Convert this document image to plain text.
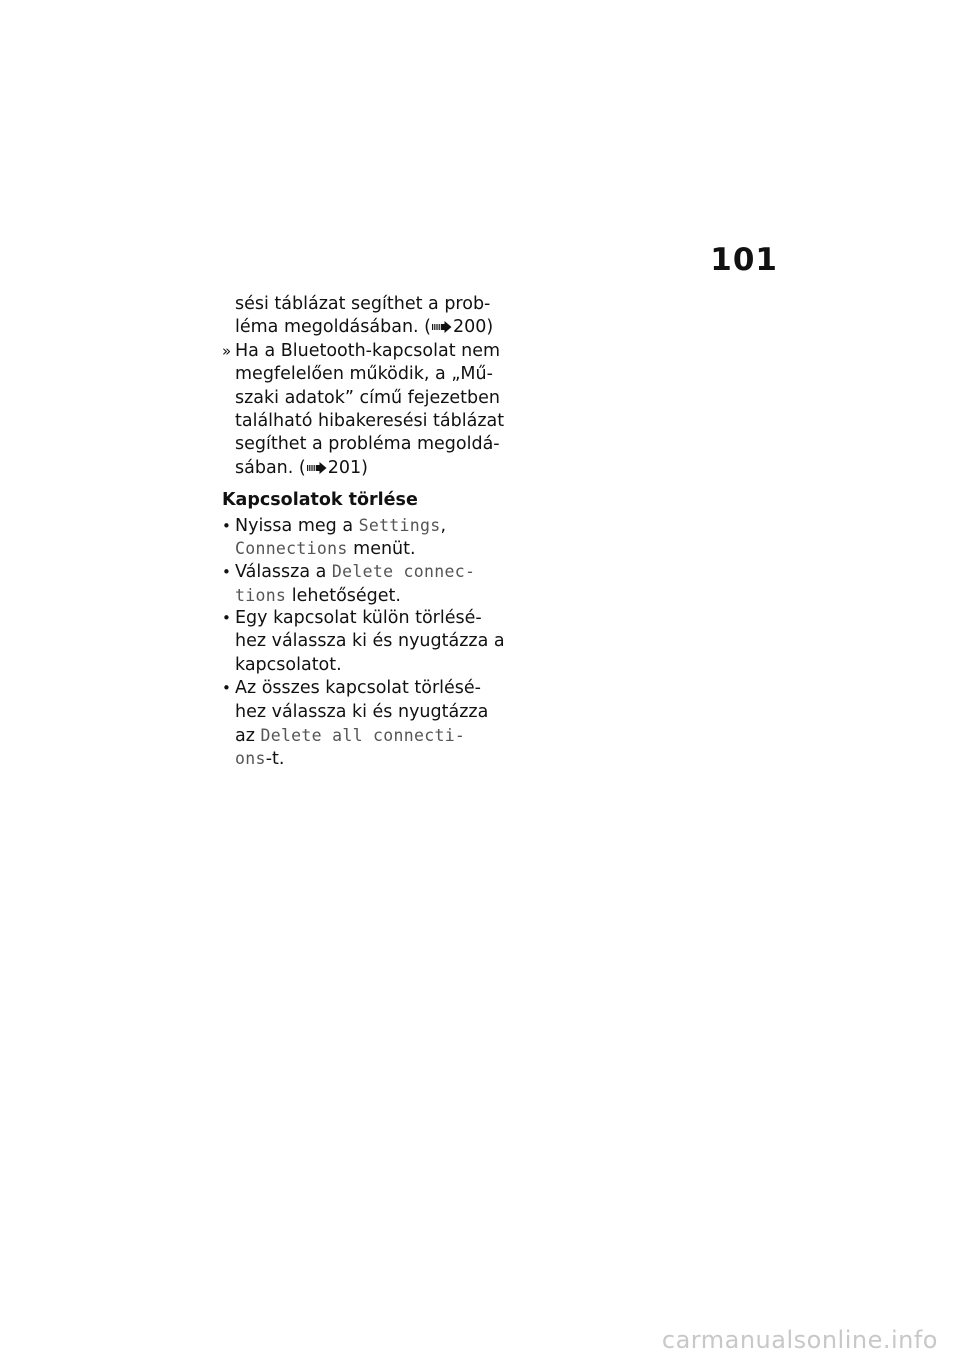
101
sési táblázat segíthet a prob-
léma megoldásában. ( 200)
» Ha a Bluetooth-kapcsolat nem
megfelelően működik, a „Mű-
szaki adatok” című fejezetben
található hibakeresési táblázat
segíthet a probléma megoldá-
sában. ( 201)
Kapcsolatok törlése
• Nyissa meg a Settings,
Connections menüt.
• Válassza a Delete connec-
tions lehetőséget.
• Egy kapcsolat külön törlésé-
hez válassza ki és nyugtázza a
kapcsolatot.
• Az összes kapcsolat törlésé-
hez válassza ki és nyugtázza
az Delete all connecti-
ons-t.
carmanualsonline.info
